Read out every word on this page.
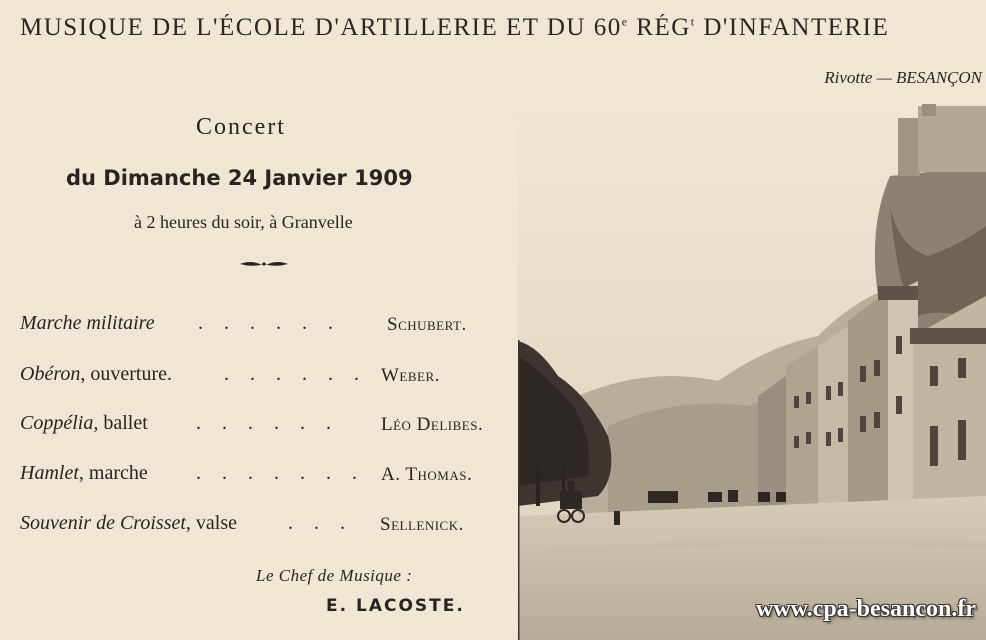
MUSIQUE DE L'ÉCOLE D'ARTILLERIE ET DU 60e RÉG$^t$ D'INFANTERIE
Rivotte — BESANÇON
Concert
du Dimanche 24 Janvier 1909
à 2 heures du soir, à Granvelle
Marche militaire . . . . . . Schubert.
Obéron, ouverture.	. . . . . . Weber.
Coppélia, ballet . . . . . . Léo Delibes.
Hamlet, marche . . . . . . . A. Thomas.
Souvenir de Croisset, valse	. . . Sellenick.
Le Chef de Musique :
E. LACOSTE.	www.cpa-besancon.fr
